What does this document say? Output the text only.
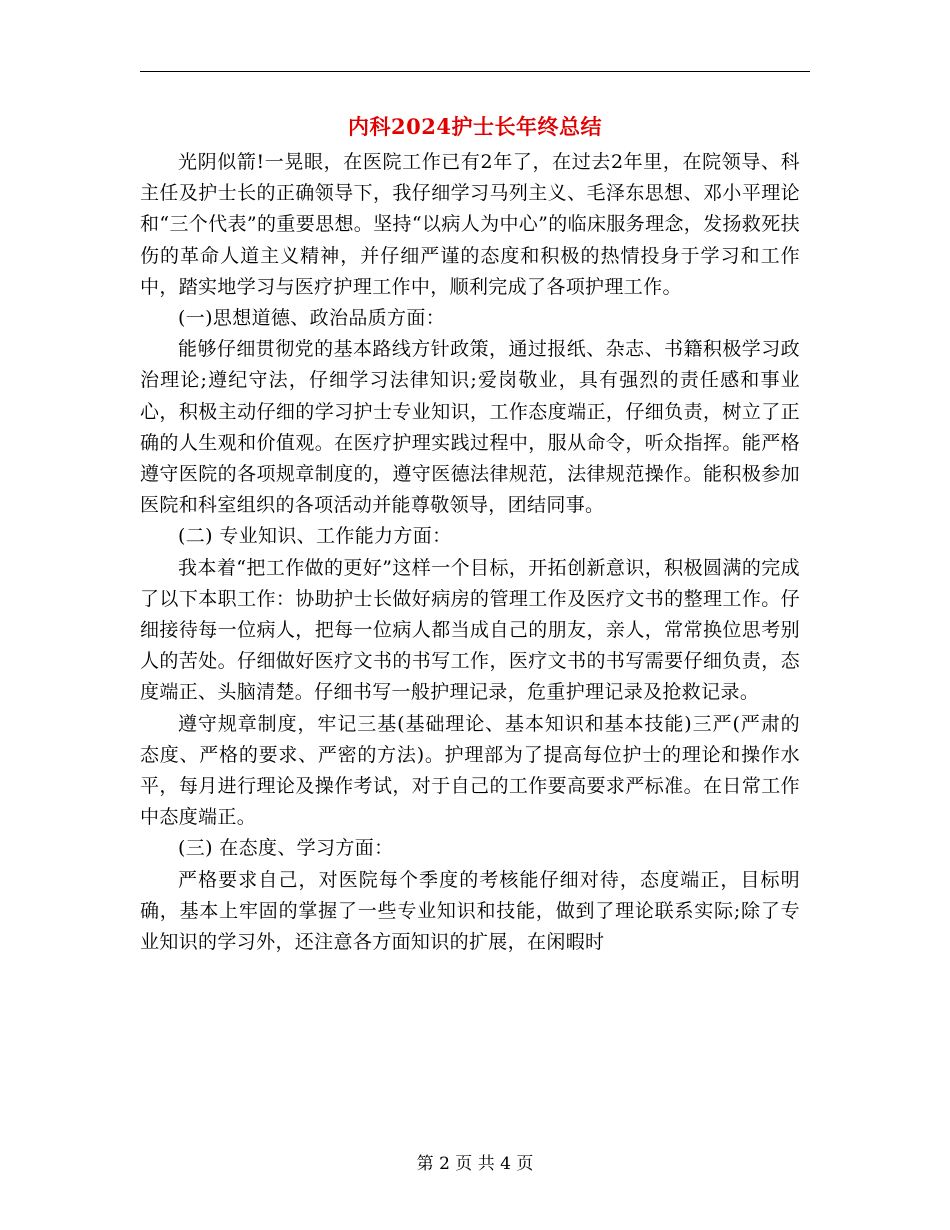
内科2024护士长年终总结

光阴似箭!一晃眼，在医院工作已有2年了，在过去2年里，在院领导、科主任及护士长的正确领导下，我仔细学习马列主义、毛泽东思想、邓小平理论和“三个代表”的重要思想。坚持“以病人为中心”的临床服务理念，发扬救死扶伤的革命人道主义精神，并仔细严谨的态度和积极的热情投身于学习和工作中，踏实地学习与医疗护理工作中，顺利完成了各项护理工作。

(一)思想道德、政治品质方面：

能够仔细贯彻党的基本路线方针政策，通过报纸、杂志、书籍积极学习政治理论;遵纪守法，仔细学习法律知识;爱岗敬业，具有强烈的责任感和事业心，积极主动仔细的学习护士专业知识，工作态度端正，仔细负责，树立了正确的人生观和价值观。在医疗护理实践过程中，服从命令，听众指挥。能严格遵守医院的各项规章制度的，遵守医德法律规范，法律规范操作。能积极参加医院和科室组织的各项活动并能尊敬领导，团结同事。

(二) 专业知识、工作能力方面：

我本着“把工作做的更好”这样一个目标，开拓创新意识，积极圆满的完成了以下本职工作：协助护士长做好病房的管理工作及医疗文书的整理工作。仔细接待每一位病人，把每一位病人都当成自己的朋友，亲人，常常换位思考别人的苦处。仔细做好医疗文书的书写工作，医疗文书的书写需要仔细负责，态度端正、头脑清楚。仔细书写一般护理记录，危重护理记录及抢救记录。

遵守规章制度，牢记三基(基础理论、基本知识和基本技能)三严(严肃的态度、严格的要求、严密的方法)。护理部为了提高每位护士的理论和操作水平，每月进行理论及操作考试，对于自己的工作要高要求严标准。在日常工作中态度端正。

(三) 在态度、学习方面：

严格要求自己，对医院每个季度的考核能仔细对待，态度端正，目标明确，基本上牢固的掌握了一些专业知识和技能，做到了理论联系实际;除了专业知识的学习外，还注意各方面知识的扩展，在闲暇时

第 2 页 共 4 页
